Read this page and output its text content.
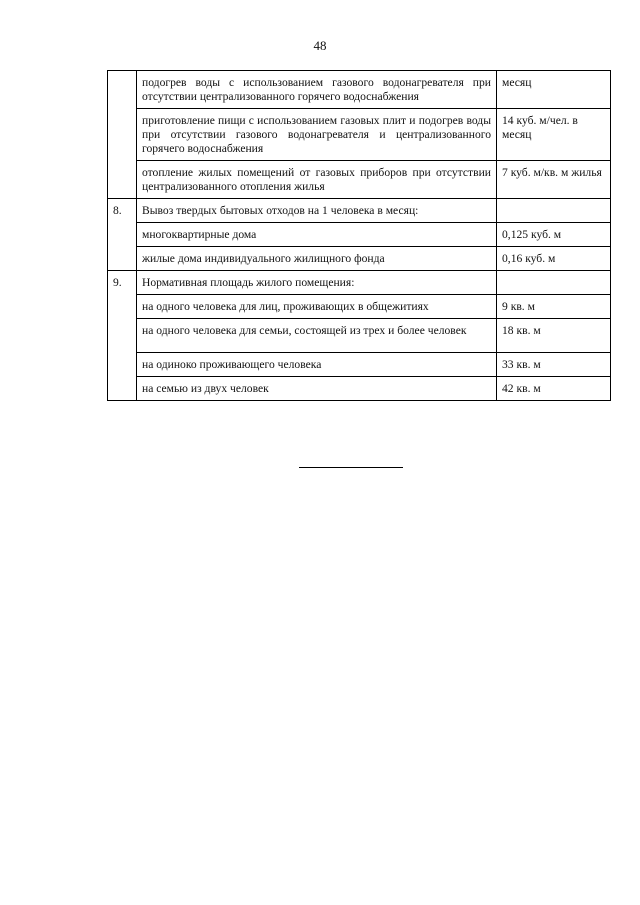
48
	подогрев воды с использованием газового водонагревателя при отсутствии централизованного горячего водоснабжения	месяц
	приготовление пищи с использованием газовых плит и подогрев воды при отсутствии газового водонагревателя и централизованного горячего водоснабжения	14 куб. м/чел. в месяц
	отопление жилых помещений от газовых приборов при отсутствии централизованного отопления жилья	7 куб. м/кв. м жилья
8.	Вывоз твердых бытовых отходов на 1 человека в месяц:	
	многоквартирные дома	0,125 куб. м
	жилые дома индивидуального жилищного фонда	0,16 куб. м
9.	Нормативная площадь жилого помещения:	
	на одного человека для лиц, проживающих в общежитиях	9 кв. м
	на одного человека для семьи, состоящей из трех и более человек	18 кв. м
	на одиноко проживающего человека	33 кв. м
	на семью из двух человек	42 кв. м
